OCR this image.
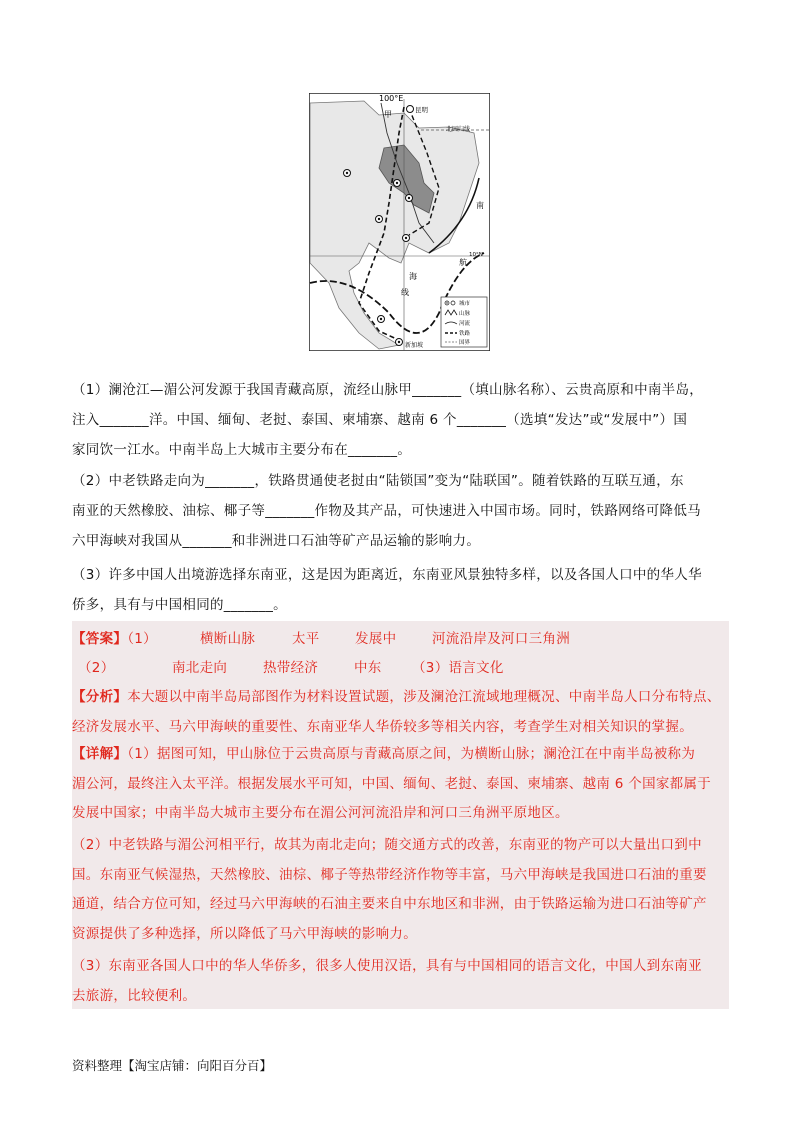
100°E
昆明
甲
北回归线
南
海
航
线
10°N
新加坡
城市
山脉
河流
铁路
国界

（1）澜沧江—湄公河发源于我国青藏高原，流经山脉甲_______（填山脉名称）、云贵高原和中南半岛，

注入_______洋。中国、缅甸、老挝、泰国、柬埔寨、越南 6 个_______（选填“发达”或“发展中”）国

家同饮一江水。中南半岛上大城市主要分布在_______。

（2）中老铁路走向为_______，铁路贯通使老挝由“陆锁国”变为“陆联国”。随着铁路的互联互通，东

南亚的天然橡胶、油棕、椰子等_______作物及其产品，可快速进入中国市场。同时，铁路网络可降低马

六甲海峡对我国从_______和非洲进口石油等矿产品运输的影响力。

（3）许多中国人出境游选择东南亚，这是因为距离近，东南亚风景独特多样，以及各国人口中的华人华

侨多，具有与中国相同的_______。

【答案】（1）	横断山脉	太平	发展中	河流沿岸及河口三角洲
（2）	南北走向	热带经济	中东 （3）语言文化

【分析】本大题以中南半岛局部图作为材料设置试题，涉及澜沧江流域地理概况、中南半岛人口分布特点、

经济发展水平、马六甲海峡的重要性、东南亚华人华侨较多等相关内容，考查学生对相关知识的掌握。

【详解】（1）据图可知，甲山脉位于云贵高原与青藏高原之间，为横断山脉；澜沧江在中南半岛被称为

湄公河，最终注入太平洋。根据发展水平可知，中国、缅甸、老挝、泰国、柬埔寨、越南 6 个国家都属于

发展中国家；中南半岛大城市主要分布在湄公河河流沿岸和河口三角洲平原地区。

（2）中老铁路与湄公河相平行，故其为南北走向；随交通方式的改善，东南亚的物产可以大量出口到中

国。东南亚气候湿热，天然橡胶、油棕、椰子等热带经济作物等丰富，马六甲海峡是我国进口石油的重要

通道，结合方位可知，经过马六甲海峡的石油主要来自中东地区和非洲，由于铁路运输为进口石油等矿产

资源提供了多种选择，所以降低了马六甲海峡的影响力。

（3）东南亚各国人口中的华人华侨多，很多人使用汉语，具有与中国相同的语言文化，中国人到东南亚

去旅游，比较便利。

资料整理【淘宝店铺：向阳百分百】
